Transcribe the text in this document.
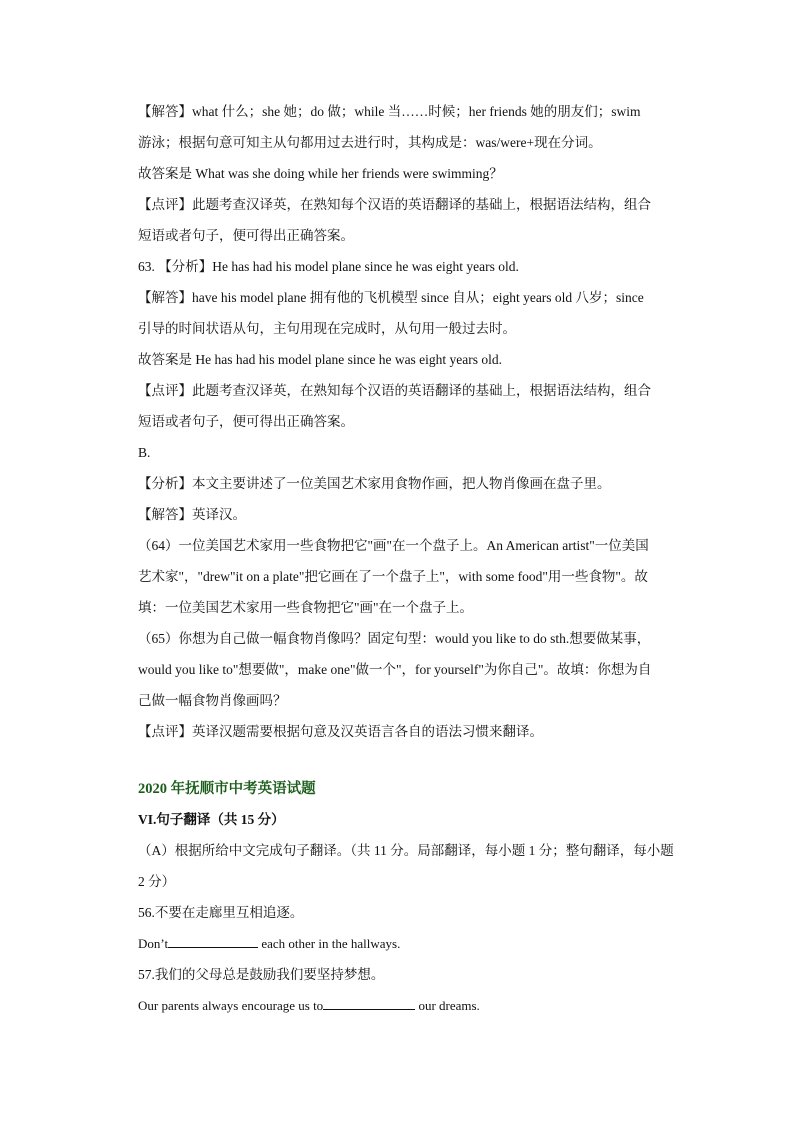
【解答】what 什么；she 她；do 做；while 当……时候；her friends 她的朋友们；swim
游泳；根据句意可知主从句都用过去进行时，其构成是：was/were+现在分词。
故答案是 What was she doing while her friends were swimming？
【点评】此题考查汉译英，在熟知每个汉语的英语翻译的基础上，根据语法结构，组合
短语或者句子，便可得出正确答案。
63. 【分析】He has had his model plane since he was eight years old.
【解答】have his model plane 拥有他的飞机模型 since 自从；eight years old 八岁；since
引导的时间状语从句，主句用现在完成时，从句用一般过去时。
故答案是 He has had his model plane since he was eight years old.
【点评】此题考查汉译英，在熟知每个汉语的英语翻译的基础上，根据语法结构，组合
短语或者句子，便可得出正确答案。
B.
【分析】本文主要讲述了一位美国艺术家用食物作画，把人物肖像画在盘子里。
【解答】英译汉。
（64）一位美国艺术家用一些食物把它"画"在一个盘子上。An American artist"一位美国
艺术家"，"drew"it on a plate"把它画在了一个盘子上"，with some food"用一些食物"。故
填：一位美国艺术家用一些食物把它"画"在一个盘子上。
（65）你想为自己做一幅食物肖像吗？固定句型：would you like to do sth.想要做某事，
would you like to"想要做"，make one"做一个"，for yourself"为你自己"。故填：你想为自
己做一幅食物肖像画吗？
【点评】英译汉题需要根据句意及汉英语言各自的语法习惯来翻译。
2020 年抚顺市中考英语试题
VI.句子翻译（共 15 分）
（A）根据所给中文完成句子翻译。（共 11 分。局部翻译，每小题 1 分；整句翻译，每小题
2 分）
56.不要在走廊里互相追逐。
Don’t	each other in the hallways.
57.我们的父母总是鼓励我们要坚持梦想。
Our parents always encourage us to	our dreams.
